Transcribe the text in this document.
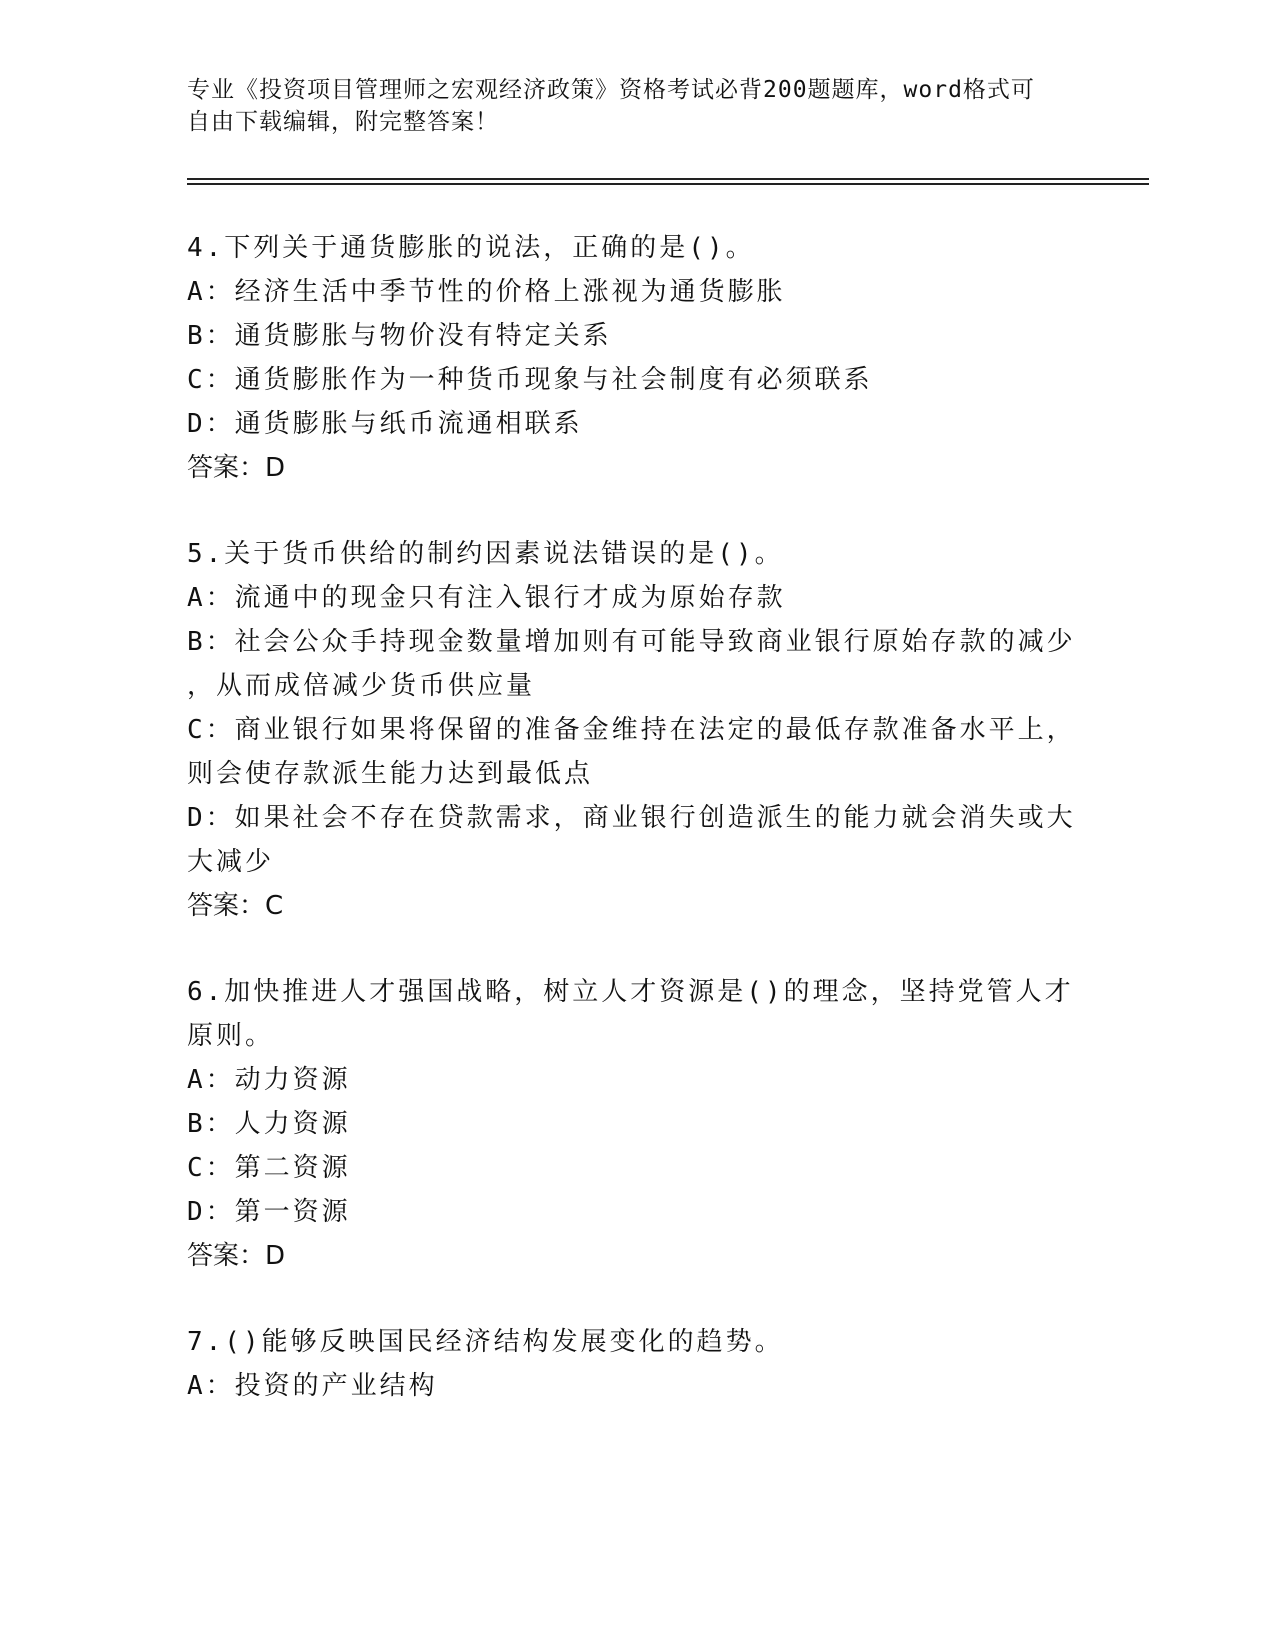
专业《投资项目管理师之宏观经济政策》资格考试必背200题题库，word格式可
自由下载编辑，附完整答案！
4.下列关于通货膨胀的说法，正确的是()。
A：经济生活中季节性的价格上涨视为通货膨胀
B：通货膨胀与物价没有特定关系
C：通货膨胀作为一种货币现象与社会制度有必须联系
D：通货膨胀与纸币流通相联系
答案：D
5.关于货币供给的制约因素说法错误的是()。
A：流通中的现金只有注入银行才成为原始存款
B：社会公众手持现金数量增加则有可能导致商业银行原始存款的减少
，从而成倍减少货币供应量
C：商业银行如果将保留的准备金维持在法定的最低存款准备水平上，
则会使存款派生能力达到最低点
D：如果社会不存在贷款需求，商业银行创造派生的能力就会消失或大
大减少
答案：C
6.加快推进人才强国战略，树立人才资源是()的理念，坚持党管人才
原则。
A：动力资源
B：人力资源
C：第二资源
D：第一资源
答案：D
7.()能够反映国民经济结构发展变化的趋势。
A：投资的产业结构
